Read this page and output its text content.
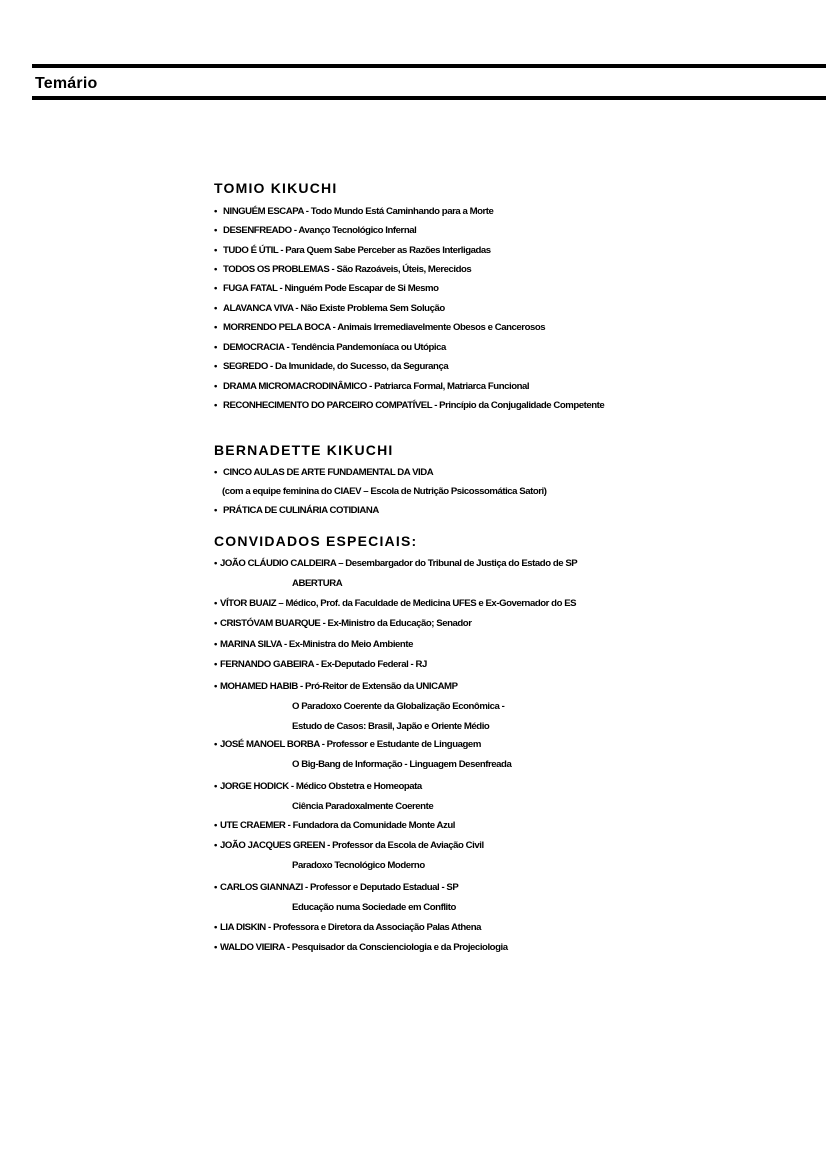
Temário
TOMIO KIKUCHI
• NINGUÉM ESCAPA - Todo Mundo Está Caminhando para a Morte
• DESENFREADO - Avanço Tecnológico Infernal
• TUDO É ÚTIL - Para Quem Sabe Perceber as Razões Interligadas
• TODOS OS PROBLEMAS - São Razoáveis, Úteis, Merecidos
• FUGA FATAL - Ninguém Pode Escapar de Si Mesmo
• ALAVANCA VIVA - Não Existe Problema Sem Solução
• MORRENDO PELA BOCA - Animais Irremediavelmente Obesos e Cancerosos
• DEMOCRACIA - Tendência Pandemoníaca ou Utópica
• SEGREDO - Da Imunidade, do Sucesso, da Segurança
• DRAMA MICROMACRODINÂMICO - Patriarca Formal, Matriarca Funcional
• RECONHECIMENTO DO PARCEIRO COMPATÍVEL - Princípio da Conjugalidade Competente
BERNADETTE KIKUCHI
• CINCO AULAS DE ARTE FUNDAMENTAL DA VIDA
(com a equipe feminina do CIAEV – Escola de Nutrição Psicossomática Satori)
• PRÁTICA DE CULINÁRIA COTIDIANA
CONVIDADOS ESPECIAIS:
• JOÃO CLÁUDIO CALDEIRA – Desembargador do Tribunal de Justiça do Estado de SP
ABERTURA
• VÍTOR BUAIZ – Médico, Prof. da Faculdade de Medicina UFES e Ex-Governador do ES
• CRISTÓVAM BUARQUE - Ex-Ministro da Educação; Senador
• MARINA SILVA - Ex-Ministra do Meio Ambiente
• FERNANDO GABEIRA - Ex-Deputado Federal - RJ
• MOHAMED HABIB - Pró-Reitor de Extensão da UNICAMP
O Paradoxo Coerente da Globalização Econômica -
Estudo de Casos: Brasil, Japão e Oriente Médio
• JOSÉ MANOEL BORBA - Professor e Estudante de Linguagem
O Big-Bang de Informação - Linguagem Desenfreada
• JORGE HODICK - Médico Obstetra e Homeopata
Ciência Paradoxalmente Coerente
• UTE CRAEMER - Fundadora da Comunidade Monte Azul
• JOÃO JACQUES GREEN - Professor da Escola de Aviação Civil
Paradoxo Tecnológico Moderno
• CARLOS GIANNAZI - Professor e Deputado Estadual - SP
Educação numa Sociedade em Conflito
• LIA DISKIN - Professora e Diretora da Associação Palas Athena
• WALDO VIEIRA - Pesquisador da Conscienciologia e da Projeciologia
